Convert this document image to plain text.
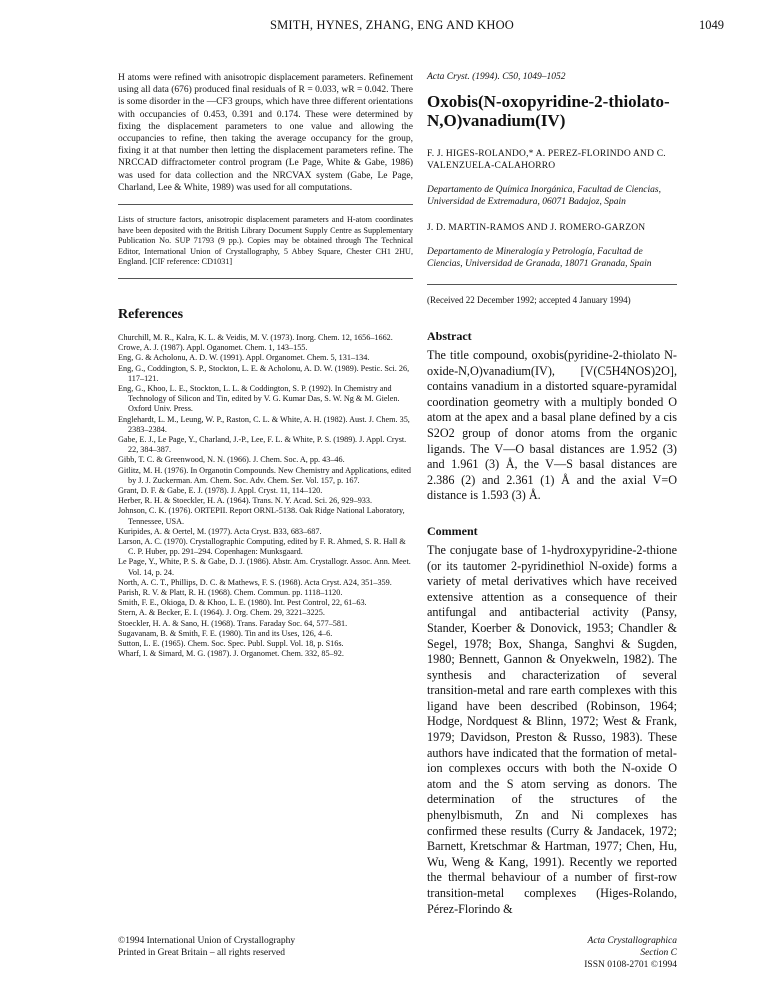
SMITH, HYNES, ZHANG, ENG AND KHOO	1049

H atoms were refined with anisotropic displacement parameters. Refinement using all data (676) produced final residuals of R = 0.033, wR = 0.042. There is some disorder in the —CF3 groups, which have three different orientations with occupancies of 0.453, 0.391 and 0.174. These were determined by fixing the displacement parameters to one value and allowing the occupancies to refine, then taking the average occupancy for the group, fixing it at that number then letting the displacement parameters refine. The NRCCAD diffractometer control program (Le Page, White & Gabe, 1986) was used for data collection and the NRCVAX system (Gabe, Le Page, Charland, Lee & White, 1989) was used for all computations.

Lists of structure factors, anisotropic displacement parameters and H-atom coordinates have been deposited with the British Library Document Supply Centre as Supplementary Publication No. SUP 71793 (9 pp.). Copies may be obtained through The Technical Editor, International Union of Crystallography, 5 Abbey Square, Chester CH1 2HU, England. [CIF reference: CD1031]

References

Churchill, M. R., Kalra, K. L. & Veidis, M. V. (1973). Inorg. Chem. 12, 1656–1662.

Crowe, A. J. (1987). Appl. Oganomet. Chem. 1, 143–155.

Eng, G. & Acholonu, A. D. W. (1991). Appl. Organomet. Chem. 5, 131–134.

Eng, G., Coddington, S. P., Stockton, L. E. & Acholonu, A. D. W. (1989). Pestic. Sci. 26, 117–121.

Eng, G., Khoo, L. E., Stockton, L. L. & Coddington, S. P. (1992). In Chemistry and Technology of Silicon and Tin, edited by V. G. Kumar Das, S. W. Ng & M. Gielen. Oxford Univ. Press.

Englehardt, L. M., Leung, W. P., Raston, C. L. & White, A. H. (1982). Aust. J. Chem. 35, 2383–2384.

Gabe, E. J., Le Page, Y., Charland, J.-P., Lee, F. L. & White, P. S. (1989). J. Appl. Cryst. 22, 384–387.

Gibb, T. C. & Greenwood, N. N. (1966). J. Chem. Soc. A, pp. 43–46.

Gitlitz, M. H. (1976). In Organotin Compounds. New Chemistry and Applications, edited by J. J. Zuckerman. Am. Chem. Soc. Adv. Chem. Ser. Vol. 157, p. 167.

Grant, D. F. & Gabe, E. J. (1978). J. Appl. Cryst. 11, 114–120.

Herber, R. H. & Stoeckler, H. A. (1964). Trans. N. Y. Acad. Sci. 26, 929–933.

Johnson, C. K. (1976). ORTEPII. Report ORNL-5138. Oak Ridge National Laboratory, Tennessee, USA.

Kuripides, A. & Oertel, M. (1977). Acta Cryst. B33, 683–687.

Larson, A. C. (1970). Crystallographic Computing, edited by F. R. Ahmed, S. R. Hall & C. P. Huber, pp. 291–294. Copenhagen: Munksgaard.

Le Page, Y., White, P. S. & Gabe, D. J. (1986). Abstr. Am. Crystallogr. Assoc. Ann. Meet. Vol. 14, p. 24.

North, A. C. T., Phillips, D. C. & Mathews, F. S. (1968). Acta Cryst. A24, 351–359.

Parish, R. V. & Platt, R. H. (1968). Chem. Commun. pp. 1118–1120.

Smith, F. E., Okioga, D. & Khoo, L. E. (1980). Int. Pest Control, 22, 61–63.

Stern, A. & Becker, E. I. (1964). J. Org. Chem. 29, 3221–3225.

Stoeckler, H. A. & Sano, H. (1968). Trans. Faraday Soc. 64, 577–581.

Sugavanam, B. & Smith, F. E. (1980). Tin and its Uses, 126, 4–6.

Sutton, L. E. (1965). Chem. Soc. Spec. Publ. Suppl. Vol. 18, p. S16s.

Wharf, I. & Simard, M. G. (1987). J. Organomet. Chem. 332, 85–92.

Acta Cryst. (1994). C50, 1049–1052

Oxobis(N-oxopyridine-2-thiolato-N,O)vanadium(IV)

F. J. HIGES-ROLANDO,* A. PEREZ-FLORINDO AND C. VALENZUELA-CALAHORRO

Departamento de Química Inorgánica, Facultad de Ciencias, Universidad de Extremadura, 06071 Badajoz, Spain

J. D. MARTIN-RAMOS AND J. ROMERO-GARZON

Departamento de Mineralogía y Petrología, Facultad de Ciencias, Universidad de Granada, 18071 Granada, Spain

(Received 22 December 1992; accepted 4 January 1994)

Abstract

The title compound, oxobis(pyridine-2-thiolato N-oxide-N,O)vanadium(IV), [V(C5H4NOS)2O], contains vanadium in a distorted square-pyramidal coordination geometry with a multiply bonded O atom at the apex and a basal plane defined by a cis S2O2 group of donor atoms from the organic ligands. The V—O basal distances are 1.952 (3) and 1.961 (3) Å, the V—S basal distances are 2.386 (2) and 2.361 (1) Å and the axial V=O distance is 1.593 (3) Å.

Comment

The conjugate base of 1-hydroxypyridine-2-thione (or its tautomer 2-pyridinethiol N-oxide) forms a variety of metal derivatives which have received extensive attention as a consequence of their antifungal and antibacterial activity (Pansy, Stander, Koerber & Donovick, 1953; Chandler & Segel, 1978; Box, Shanga, Sanghvi & Sugden, 1980; Bennett, Gannon & Onyekweln, 1982). The synthesis and characterization of several transition-metal and rare earth complexes with this ligand have been described (Robinson, 1964; Hodge, Nordquest & Blinn, 1972; West & Frank, 1979; Davidson, Preston & Russo, 1983). These authors have indicated that the formation of metal-ion complexes occurs with both the N-oxide O atom and the S atom serving as donors. The determination of the structures of the phenylbismuth, Zn and Ni complexes has confirmed these results (Curry & Jandacek, 1972; Barnett, Kretschmar & Hartman, 1977; Chen, Hu, Wu, Weng & Kang, 1991). Recently we reported the thermal behaviour of a number of first-row transition-metal complexes (Higes-Rolando, Pérez-Florindo &

©1994 International Union of Crystallography
Printed in Great Britain – all rights reserved
Acta Crystallographica Section C
ISSN 0108-2701 ©1994
